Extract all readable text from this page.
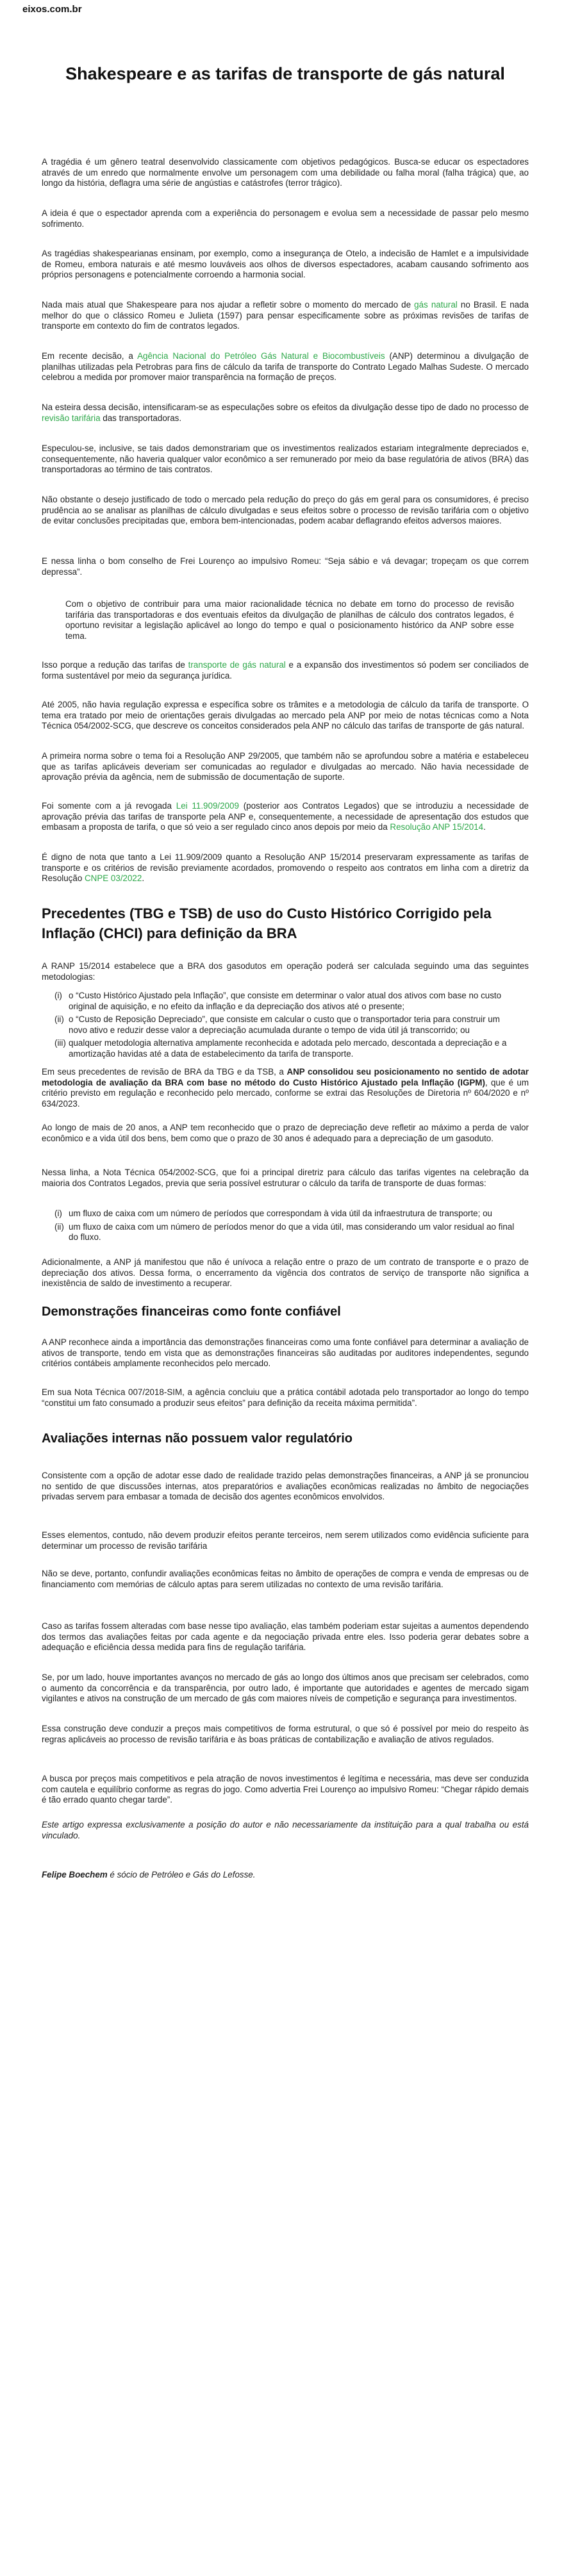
eixos.com.br
Shakespeare e as tarifas de transporte de gás natural

A tragédia é um gênero teatral desenvolvido classicamente com objetivos pedagógicos. Busca-se educar os espectadores através de um enredo que normalmente envolve um personagem com uma debilidade ou falha moral (falha trágica) que, ao longo da história, deflagra uma série de angústias e catástrofes (terror trágico).

A ideia é que o espectador aprenda com a experiência do personagem e evolua sem a necessidade de passar pelo mesmo sofrimento.

As tragédias shakespearianas ensinam, por exemplo, como a insegurança de Otelo, a indecisão de Hamlet e a impulsividade de Romeu, embora naturais e até mesmo louváveis aos olhos de diversos espectadores, acabam causando sofrimento aos próprios personagens e potencialmente corroendo a harmonia social.

Nada mais atual que Shakespeare para nos ajudar a refletir sobre o momento do mercado de gás natural no Brasil. E nada melhor do que o clássico Romeu e Julieta (1597) para pensar especificamente sobre as próximas revisões de tarifas de transporte em contexto do fim de contratos legados.

Em recente decisão, a Agência Nacional do Petróleo Gás Natural e Biocombustíveis (ANP) determinou a divulgação de planilhas utilizadas pela Petrobras para fins de cálculo da tarifa de transporte do Contrato Legado Malhas Sudeste. O mercado celebrou a medida por promover maior transparência na formação de preços.

Na esteira dessa decisão, intensificaram-se as especulações sobre os efeitos da divulgação desse tipo de dado no processo de revisão tarifária das transportadoras.

Especulou-se, inclusive, se tais dados demonstrariam que os investimentos realizados estariam integralmente depreciados e, consequentemente, não haveria qualquer valor econômico a ser remunerado por meio da base regulatória de ativos (BRA) das transportadoras ao término de tais contratos.

Não obstante o desejo justificado de todo o mercado pela redução do preço do gás em geral para os consumidores, é preciso prudência ao se analisar as planilhas de cálculo divulgadas e seus efeitos sobre o processo de revisão tarifária com o objetivo de evitar conclusões precipitadas que, embora bem-intencionadas, podem acabar deflagrando efeitos adversos maiores.

E nessa linha o bom conselho de Frei Lourenço ao impulsivo Romeu: “Seja sábio e vá devagar; tropeçam os que correm depressa”.

Com o objetivo de contribuir para uma maior racionalidade técnica no debate em torno do processo de revisão tarifária das transportadoras e dos eventuais efeitos da divulgação de planilhas de cálculo dos contratos legados, é oportuno revisitar a legislação aplicável ao longo do tempo e qual o posicionamento histórico da ANP sobre esse tema.

Isso porque a redução das tarifas de transporte de gás natural e a expansão dos investimentos só podem ser conciliados de forma sustentável por meio da segurança jurídica.

Até 2005, não havia regulação expressa e específica sobre os trâmites e a metodologia de cálculo da tarifa de transporte. O tema era tratado por meio de orientações gerais divulgadas ao mercado pela ANP por meio de notas técnicas como a Nota Técnica 054/2002-SCG, que descreve os conceitos considerados pela ANP no cálculo das tarifas de transporte de gás natural.

A primeira norma sobre o tema foi a Resolução ANP 29/2005, que também não se aprofundou sobre a matéria e estabeleceu que as tarifas aplicáveis deveriam ser comunicadas ao regulador e divulgadas ao mercado. Não havia necessidade de aprovação prévia da agência, nem de submissão de documentação de suporte.

Foi somente com a já revogada Lei 11.909/2009 (posterior aos Contratos Legados) que se introduziu a necessidade de aprovação prévia das tarifas de transporte pela ANP e, consequentemente, a necessidade de apresentação dos estudos que embasam a proposta de tarifa, o que só veio a ser regulado cinco anos depois por meio da Resolução ANP 15/2014.

É digno de nota que tanto a Lei 11.909/2009 quanto a Resolução ANP 15/2014 preservaram expressamente as tarifas de transporte e os critérios de revisão previamente acordados, promovendo o respeito aos contratos em linha com a diretriz da Resolução CNPE 03/2022.

Precedentes (TBG e TSB) de uso do Custo Histórico Corrigido pela Inflação (CHCI) para definição da BRA

A RANP 15/2014 estabelece que a BRA dos gasodutos em operação poderá ser calculada seguindo uma das seguintes metodologias:

(i) o “Custo Histórico Ajustado pela Inflação”, que consiste em determinar o valor atual dos ativos com base no custo original de aquisição, e no efeito da inflação e da depreciação dos ativos até o presente;
(ii) o “Custo de Reposição Depreciado”, que consiste em calcular o custo que o transportador teria para construir um novo ativo e reduzir desse valor a depreciação acumulada durante o tempo de vida útil já transcorrido; ou
(iii) qualquer metodologia alternativa amplamente reconhecida e adotada pelo mercado, descontada a depreciação e a amortização havidas até a data de estabelecimento da tarifa de transporte.

Em seus precedentes de revisão de BRA da TBG e da TSB, a ANP consolidou seu posicionamento no sentido de adotar metodologia de avaliação da BRA com base no método do Custo Histórico Ajustado pela Inflação (IGPM), que é um critério previsto em regulação e reconhecido pelo mercado, conforme se extrai das Resoluções de Diretoria nº 604/2020 e nº 634/2023.

Ao longo de mais de 20 anos, a ANP tem reconhecido que o prazo de depreciação deve refletir ao máximo a perda de valor econômico e a vida útil dos bens, bem como que o prazo de 30 anos é adequado para a depreciação de um gasoduto.

Nessa linha, a Nota Técnica 054/2002-SCG, que foi a principal diretriz para cálculo das tarifas vigentes na celebração da maioria dos Contratos Legados, previa que seria possível estruturar o cálculo da tarifa de transporte de duas formas:

(i) um fluxo de caixa com um número de períodos que correspondam à vida útil da infraestrutura de transporte; ou
(ii) um fluxo de caixa com um número de períodos menor do que a vida útil, mas considerando um valor residual ao final do fluxo.

Adicionalmente, a ANP já manifestou que não é unívoca a relação entre o prazo de um contrato de transporte e o prazo de depreciação dos ativos. Dessa forma, o encerramento da vigência dos contratos de serviço de transporte não significa a inexistência de saldo de investimento a recuperar.

Demonstrações financeiras como fonte confiável

A ANP reconhece ainda a importância das demonstrações financeiras como uma fonte confiável para determinar a avaliação de ativos de transporte, tendo em vista que as demonstrações financeiras são auditadas por auditores independentes, segundo critérios contábeis amplamente reconhecidos pelo mercado.

Em sua Nota Técnica 007/2018-SIM, a agência concluiu que a prática contábil adotada pelo transportador ao longo do tempo “constitui um fato consumado a produzir seus efeitos” para definição da receita máxima permitida”.

Avaliações internas não possuem valor regulatório

Consistente com a opção de adotar esse dado de realidade trazido pelas demonstrações financeiras, a ANP já se pronunciou no sentido de que discussões internas, atos preparatórios e avaliações econômicas realizadas no âmbito de negociações privadas servem para embasar a tomada de decisão dos agentes econômicos envolvidos.

Esses elementos, contudo, não devem produzir efeitos perante terceiros, nem serem utilizados como evidência suficiente para determinar um processo de revisão tarifária

Não se deve, portanto, confundir avaliações econômicas feitas no âmbito de operações de compra e venda de empresas ou de financiamento com memórias de cálculo aptas para serem utilizadas no contexto de uma revisão tarifária.

Caso as tarifas fossem alteradas com base nesse tipo avaliação, elas também poderiam estar sujeitas a aumentos dependendo dos termos das avaliações feitas por cada agente e da negociação privada entre eles. Isso poderia gerar debates sobre a adequação e eficiência dessa medida para fins de regulação tarifária.

Se, por um lado, houve importantes avanços no mercado de gás ao longo dos últimos anos que precisam ser celebrados, como o aumento da concorrência e da transparência, por outro lado, é importante que autoridades e agentes de mercado sigam vigilantes e ativos na construção de um mercado de gás com maiores níveis de competição e segurança para investimentos.

Essa construção deve conduzir a preços mais competitivos de forma estrutural, o que só é possível por meio do respeito às regras aplicáveis ao processo de revisão tarifária e às boas práticas de contabilização e avaliação de ativos regulados.

A busca por preços mais competitivos e pela atração de novos investimentos é legítima e necessária, mas deve ser conduzida com cautela e equilíbrio conforme as regras do jogo. Como advertia Frei Lourenço ao impulsivo Romeu: “Chegar rápido demais é tão errado quanto chegar tarde”.

Este artigo expressa exclusivamente a posição do autor e não necessariamente da instituição para a qual trabalha ou está vinculado.

Felipe Boechem é sócio de Petróleo e Gás do Lefosse.
